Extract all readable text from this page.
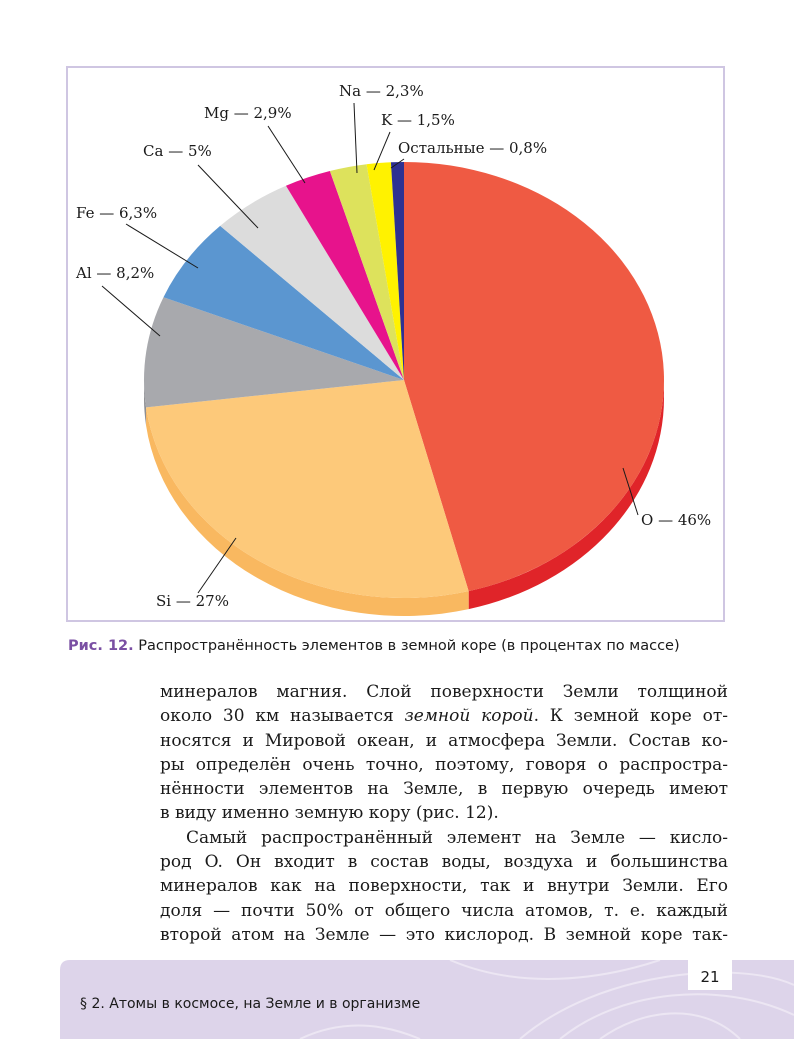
O — 46%
Si — 27%
Al — 8,2%
Fe — 6,3%
Ca — 5%
Mg — 2,9%
Na — 2,3%
K — 1,5%
Остальные — 0,8%
Рис. 12. Распространённость элементов в земной коре (в процентах по массе)
минералов магния. Слой поверхности Земли толщиной
около 30 км называется земной корой. К земной коре от-
носятся и Мировой океан, и атмосфера Земли. Состав ко-
ры определён очень точно, поэтому, говоря о распростра-
нённости элементов на Земле, в первую очередь имеют
в виду именно земную кору (рис. 12).
Самый распространённый элемент на Земле — кисло-
род O. Он входит в состав воды, воздуха и большинства
минералов как на поверхности, так и внутри Земли. Его
доля — почти 50% от общего числа атомов, т. е. каждый
второй атом на Земле — это кислород. В земной коре так-
21
§ 2. Атомы в космосе, на Земле и в организме
